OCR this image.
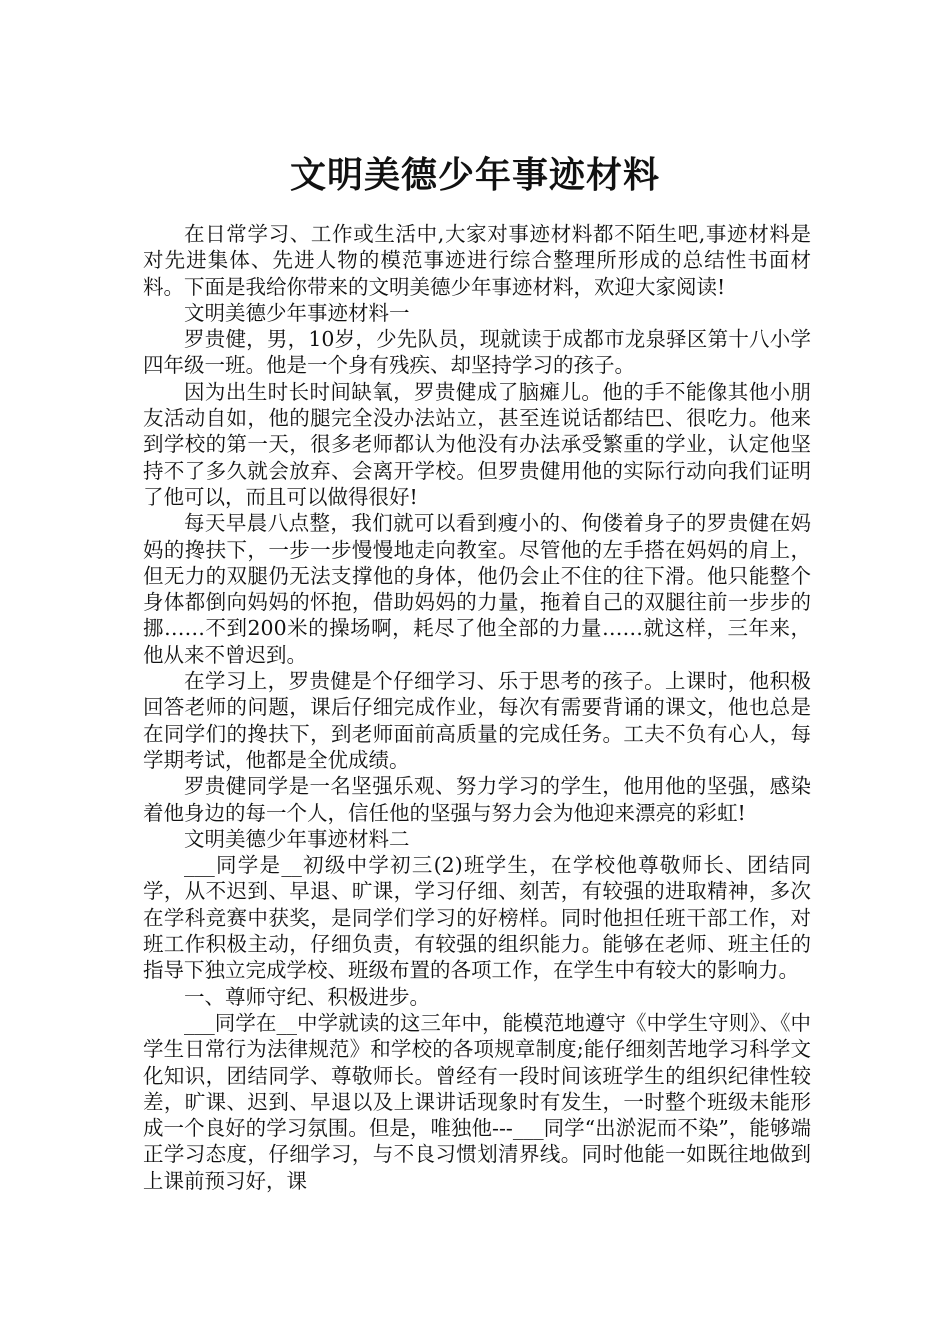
文明美德少年事迹材料

在日常学习、工作或生活中,大家对事迹材料都不陌生吧,事迹材料是对先进集体、先进人物的模范事迹进行综合整理所形成的总结性书面材料。下面是我给你带来的文明美德少年事迹材料，欢迎大家阅读!

文明美德少年事迹材料一

罗贵健，男，10岁，少先队员，现就读于成都市龙泉驿区第十八小学四年级一班。他是一个身有残疾、却坚持学习的孩子。

因为出生时长时间缺氧，罗贵健成了脑瘫儿。他的手不能像其他小朋友活动自如，他的腿完全没办法站立，甚至连说话都结巴、很吃力。他来到学校的第一天，很多老师都认为他没有办法承受繁重的学业，认定他坚持不了多久就会放弃、会离开学校。但罗贵健用他的实际行动向我们证明了他可以，而且可以做得很好!

每天早晨八点整，我们就可以看到瘦小的、佝偻着身子的罗贵健在妈妈的搀扶下，一步一步慢慢地走向教室。尽管他的左手搭在妈妈的肩上，但无力的双腿仍无法支撑他的身体，他仍会止不住的往下滑。他只能整个身体都倒向妈妈的怀抱，借助妈妈的力量，拖着自己的双腿往前一步步的挪……不到200米的操场啊，耗尽了他全部的力量……就这样，三年来，他从来不曾迟到。

在学习上，罗贵健是个仔细学习、乐于思考的孩子。上课时，他积极回答老师的问题，课后仔细完成作业，每次有需要背诵的课文，他也总是在同学们的搀扶下，到老师面前高质量的完成任务。工夫不负有心人，每学期考试，他都是全优成绩。

罗贵健同学是一名坚强乐观、努力学习的学生，他用他的坚强，感染着他身边的每一个人，信任他的坚强与努力会为他迎来漂亮的彩虹!

文明美德少年事迹材料二

___同学是__初级中学初三(2)班学生，在学校他尊敬师长、团结同学，从不迟到、早退、旷课，学习仔细、刻苦，有较强的进取精神，多次在学科竞赛中获奖，是同学们学习的好榜样。同时他担任班干部工作，对班工作积极主动，仔细负责，有较强的组织能力。能够在老师、班主任的指导下独立完成学校、班级布置的各项工作，在学生中有较大的影响力。

一、尊师守纪、积极进步。

___同学在__中学就读的这三年中，能模范地遵守《中学生守则》、《中学生日常行为法律规范》和学校的各项规章制度;能仔细刻苦地学习科学文化知识，团结同学、尊敬师长。曾经有一段时间该班学生的组织纪律性较差，旷课、迟到、早退以及上课讲话现象时有发生，一时整个班级未能形成一个良好的学习氛围。但是，唯独他---___同学“出淤泥而不染”，能够端正学习态度，仔细学习，与不良习惯划清界线。同时他能一如既往地做到上课前预习好，课
